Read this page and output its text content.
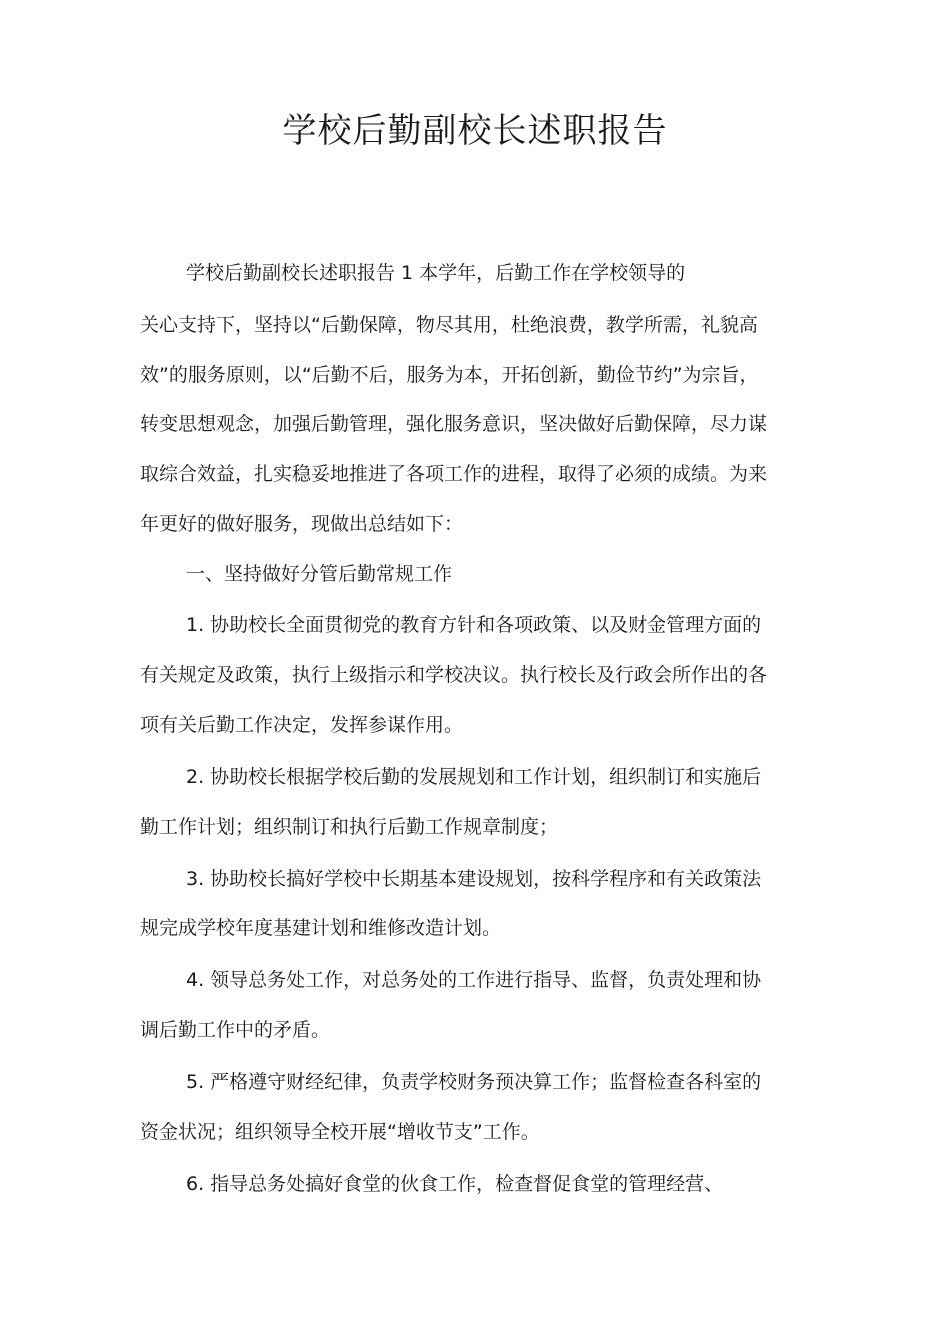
学校后勤副校长述职报告

学校后勤副校长述职报告 1 本学年，后勤工作在学校领导的

关心支持下，坚持以“后勤保障，物尽其用，杜绝浪费，教学所需，礼貌高

效”的服务原则，以“后勤不后，服务为本，开拓创新，勤俭节约”为宗旨，

转变思想观念，加强后勤管理，强化服务意识，坚决做好后勤保障，尽力谋

取综合效益，扎实稳妥地推进了各项工作的进程，取得了必须的成绩。为来

年更好的做好服务，现做出总结如下：

一、坚持做好分管后勤常规工作

1. 协助校长全面贯彻党的教育方针和各项政策、以及财金管理方面的

有关规定及政策，执行上级指示和学校决议。执行校长及行政会所作出的各

项有关后勤工作决定，发挥参谋作用。

2. 协助校长根据学校后勤的发展规划和工作计划，组织制订和实施后

勤工作计划；组织制订和执行后勤工作规章制度；

3. 协助校长搞好学校中长期基本建设规划，按科学程序和有关政策法

规完成学校年度基建计划和维修改造计划。

4. 领导总务处工作，对总务处的工作进行指导、监督，负责处理和协

调后勤工作中的矛盾。

5. 严格遵守财经纪律，负责学校财务预决算工作；监督检查各科室的

资金状况；组织领导全校开展“增收节支”工作。

6. 指导总务处搞好食堂的伙食工作，检查督促食堂的管理经营、
